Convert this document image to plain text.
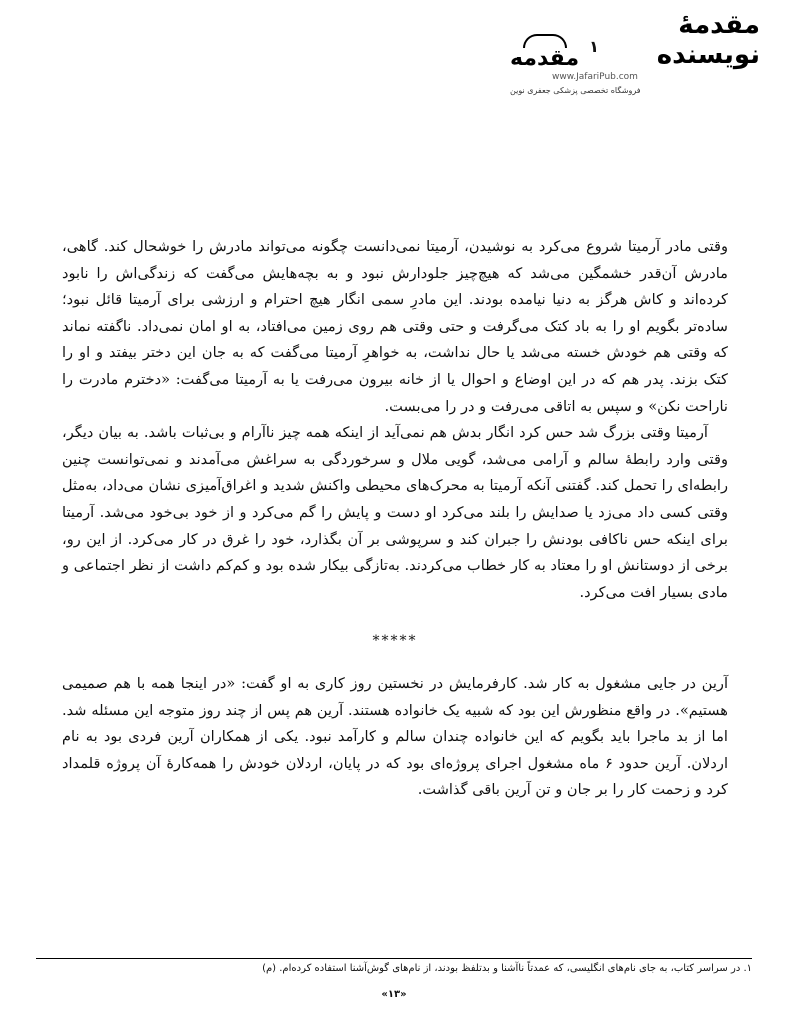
مقدمهٔ نویسنده
۱
مقدمه
www.JafariPub.com
فروشگاه تخصصی پزشکی جعفری نوین

وقتی مادر آرمیتا شروع می‌کرد به نوشیدن، آرمیتا نمی‌دانست چگونه می‌تواند مادرش را خوشحال کند. گاهی، مادرش آن‌قدر خشمگین می‌شد که هیچ‌چیز جلودارش نبود و به بچه‌هایش می‌گفت که زندگی‌اش را نابود کرده‌اند و کاش هرگز به دنیا نیامده بودند. این مادرِ سمی انگار هیچ احترام و ارزشی برای آرمیتا قائل نبود؛ ساده‌تر بگویم او را به باد کتک می‌گرفت و حتی وقتی هم روی زمین می‌افتاد، به او امان نمی‌داد. ناگفته نماند که وقتی هم خودش خسته می‌شد یا حال نداشت، به خواهرِ آرمیتا می‌گفت که به جان این دختر بیفتد و او را کتک بزند. پدر هم که در این اوضاع و احوال یا از خانه بیرون می‌رفت یا به آرمیتا می‌گفت: «دخترم مادرت را ناراحت نکن» و سپس به اتاقی می‌رفت و در را می‌بست.

آرمیتا وقتی بزرگ شد حس کرد انگار بدش هم نمی‌آید از اینکه همه چیز ناآرام و بی‌ثبات باشد. به بیان دیگر، وقتی وارد رابطهٔ سالم و آرامی می‌شد، گویی ملال و سرخوردگی به سراغش می‌آمدند و نمی‌توانست چنین رابطه‌ای را تحمل کند. گفتنی آنکه آرمیتا به محرک‌های محیطی واکنش شدید و اغراق‌آمیزی نشان می‌داد، به‌مثل وقتی کسی داد می‌زد یا صدایش را بلند می‌کرد او دست و پایش را گم می‌کرد و از خود بی‌خود می‌شد. آرمیتا برای اینکه حس ناکافی بودنش را جبران کند و سرپوشی بر آن بگذارد، خود را غرق در کار می‌کرد. از این رو، برخی از دوستانش او را معتاد به کار خطاب می‌کردند. به‌تازگی بیکار شده بود و کم‌کم داشت از نظر اجتماعی و مادی بسیار افت می‌کرد.

*****

آرین در جایی مشغول به کار شد. کارفرمایش در نخستین روز کاری به او گفت: «در اینجا همه با هم صمیمی هستیم». در واقع منظورش این بود که شبیه یک خانواده هستند. آرین هم پس از چند روز متوجه این مسئله شد. اما از بد ماجرا باید بگویم که این خانواده چندان سالم و کارآمد نبود. یکی از همکاران آرین فردی بود به نام اردلان. آرین حدود ۶ ماه مشغول اجرای پروژه‌ای بود که در پایان، اردلان خودش را همه‌کارهٔ آن پروژه قلمداد کرد و زحمت کار را بر جان و تن آرین باقی گذاشت.

۱. در سراسر کتاب، به جای نام‌های انگلیسی، که عمدتاً ناآشنا و بدتلفظ بودند، از نام‌های گوش‌آشنا استفاده کرده‌ام. (م)
«۱۳»
